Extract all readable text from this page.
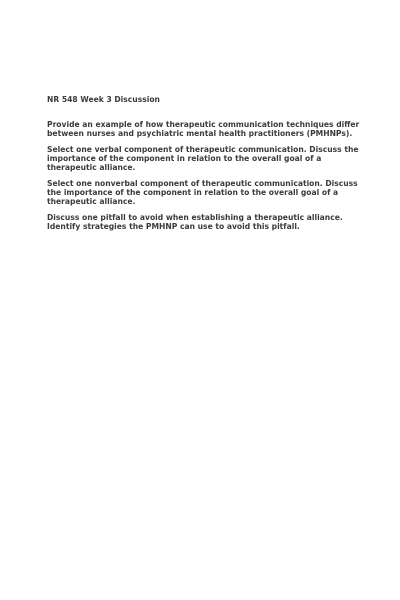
NR 548 Week 3 Discussion
Provide an example of how therapeutic communication techniques differ between nurses and psychiatric mental health practitioners (PMHNPs).
Select one verbal component of therapeutic communication. Discuss the importance of the component in relation to the overall goal of a therapeutic alliance.
Select one nonverbal component of therapeutic communication. Discuss the importance of the component in relation to the overall goal of a therapeutic alliance.
Discuss one pitfall to avoid when establishing a therapeutic alliance. Identify strategies the PMHNP can use to avoid this pitfall.
